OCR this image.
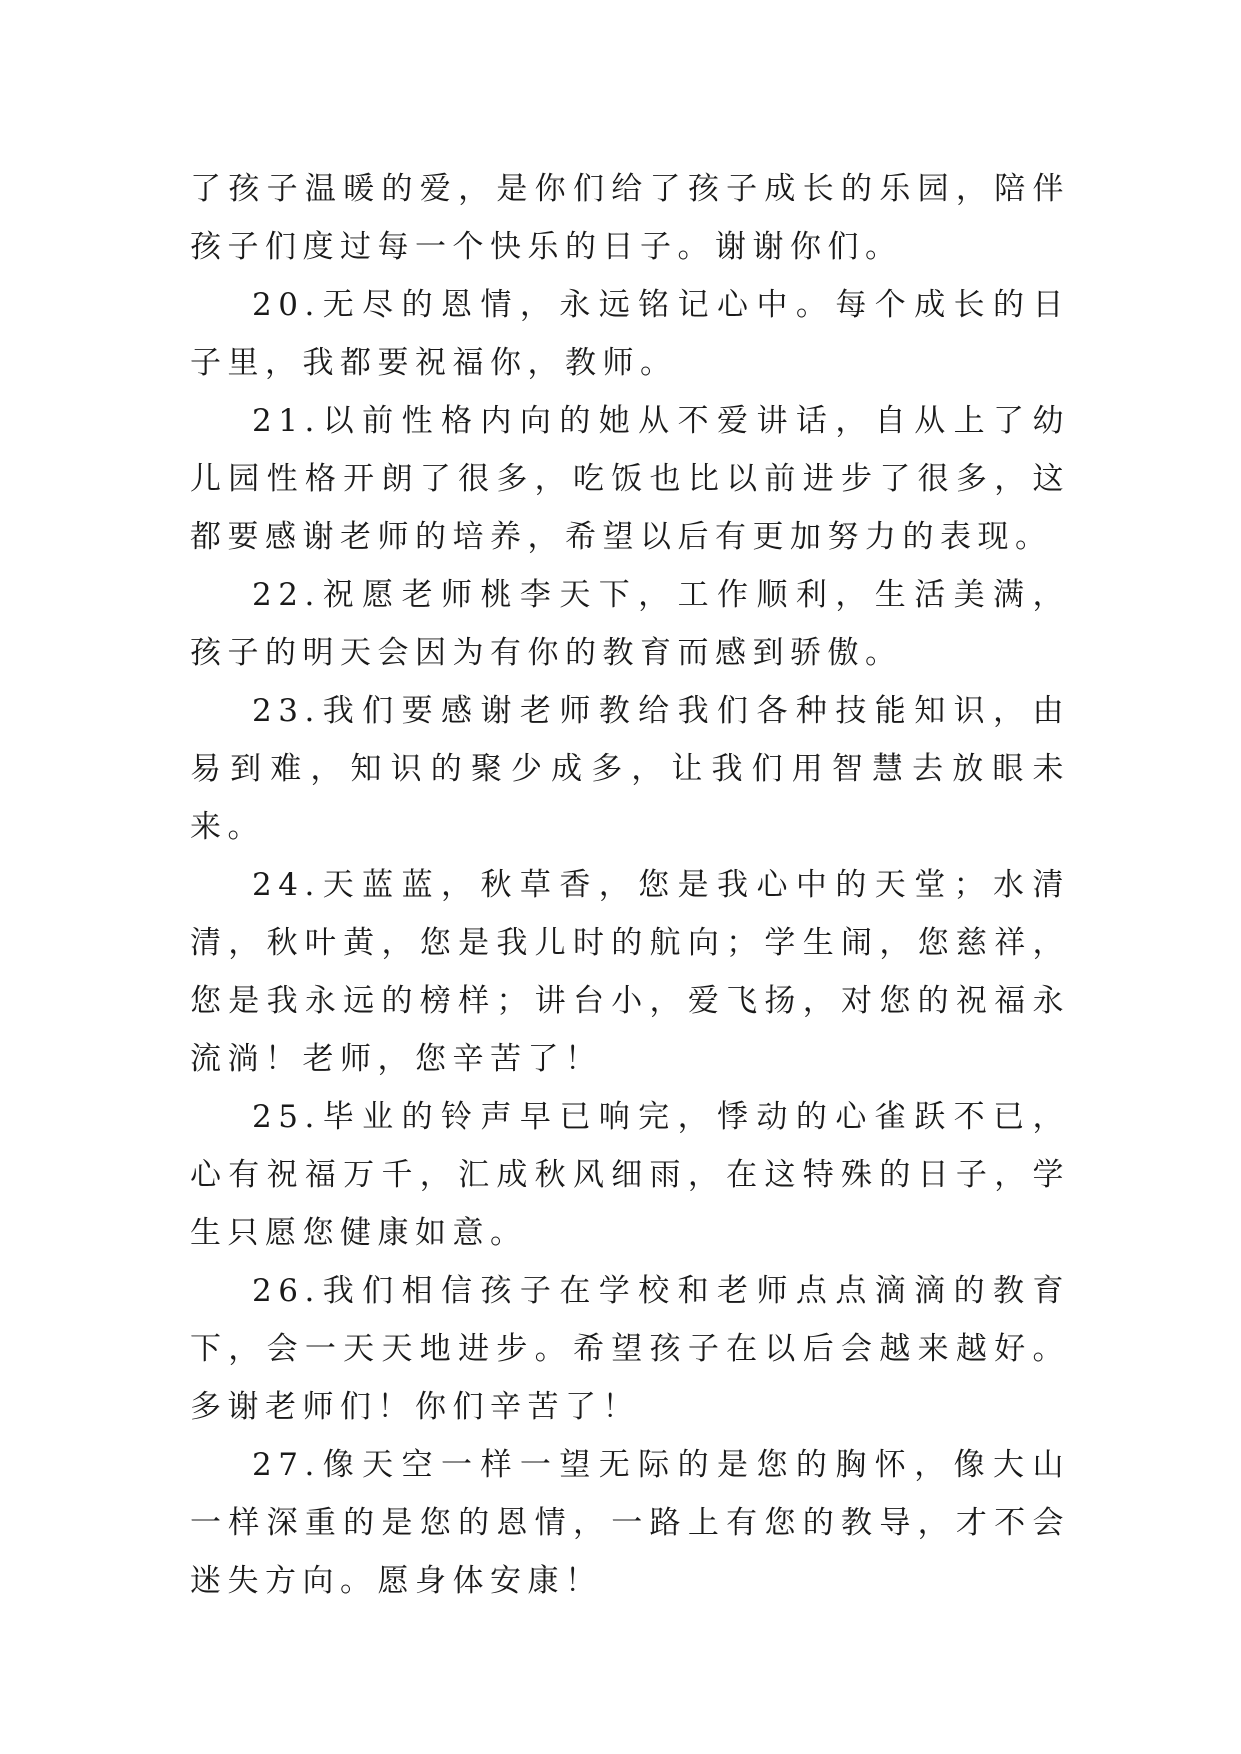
了孩子温暖的爱，是你们给了孩子成长的乐园，陪伴孩子们度过每一个快乐的日子。谢谢你们。

20.无尽的恩情，永远铭记心中。每个成长的日子里，我都要祝福你，教师。

21.以前性格内向的她从不爱讲话，自从上了幼儿园性格开朗了很多，吃饭也比以前进步了很多，这都要感谢老师的培养，希望以后有更加努力的表现。

22.祝愿老师桃李天下，工作顺利，生活美满，孩子的明天会因为有你的教育而感到骄傲。

23.我们要感谢老师教给我们各种技能知识，由易到难，知识的聚少成多，让我们用智慧去放眼未来。

24.天蓝蓝，秋草香，您是我心中的天堂；水清清，秋叶黄，您是我儿时的航向；学生闹，您慈祥，您是我永远的榜样；讲台小，爱飞扬，对您的祝福永流淌！老师，您辛苦了！

25.毕业的铃声早已响完，悸动的心雀跃不已，心有祝福万千，汇成秋风细雨，在这特殊的日子，学生只愿您健康如意。

26.我们相信孩子在学校和老师点点滴滴的教育下，会一天天地进步。希望孩子在以后会越来越好。多谢老师们！你们辛苦了！

27.像天空一样一望无际的是您的胸怀，像大山一样深重的是您的恩情，一路上有您的教导，才不会迷失方向。愿身体安康！
